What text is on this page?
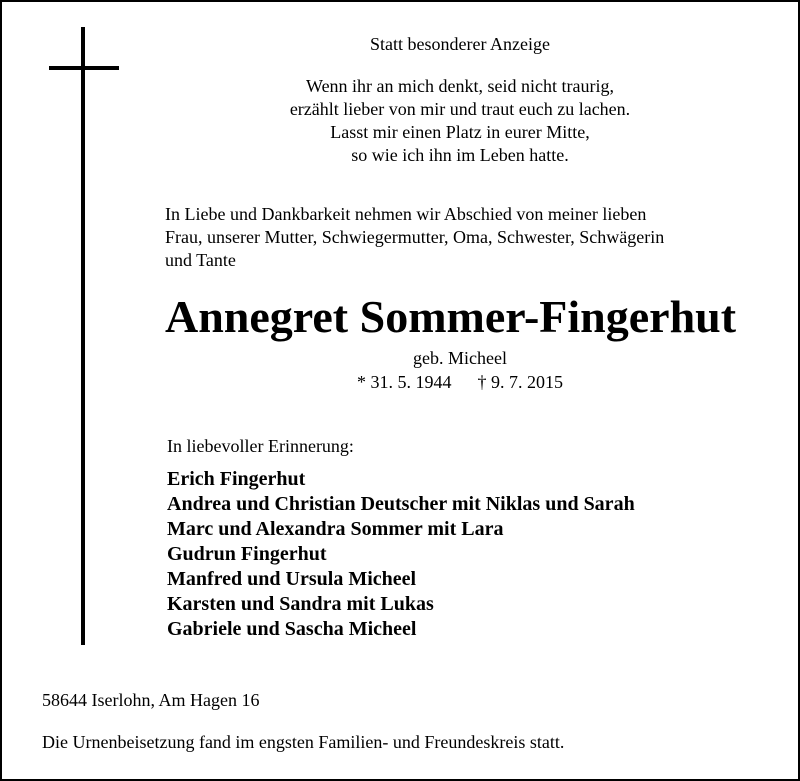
Statt besonderer Anzeige
Wenn ihr an mich denkt, seid nicht traurig,
erzählt lieber von mir und traut euch zu lachen.
Lasst mir einen Platz in eurer Mitte,
so wie ich ihn im Leben hatte.
In Liebe und Dankbarkeit nehmen wir Abschied von meiner lieben
Frau, unserer Mutter, Schwiegermutter, Oma, Schwester, Schwägerin
und Tante
Annegret Sommer-Fingerhut
geb. Micheel
* 31. 5. 1944 † 9. 7. 2015
In liebevoller Erinnerung:
Erich Fingerhut
Andrea und Christian Deutscher mit Niklas und Sarah
Marc und Alexandra Sommer mit Lara
Gudrun Fingerhut
Manfred und Ursula Micheel
Karsten und Sandra mit Lukas
Gabriele und Sascha Micheel
58644 Iserlohn, Am Hagen 16
Die Urnenbeisetzung fand im engsten Familien- und Freundeskreis statt.
